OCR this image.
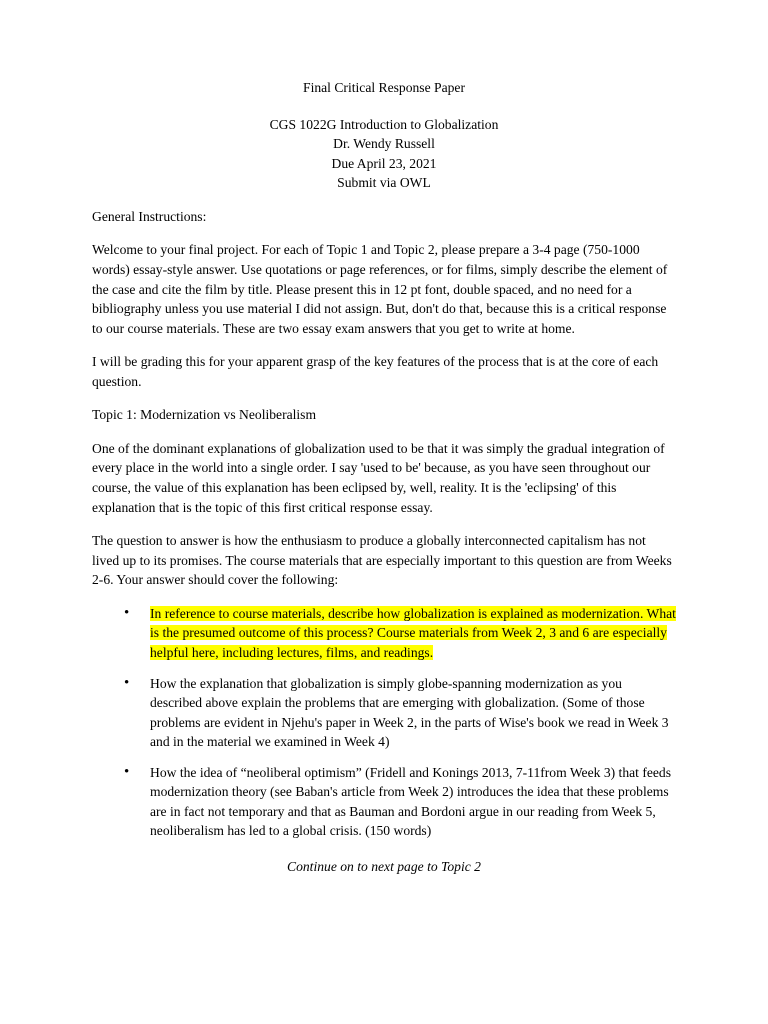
Final Critical Response Paper
CGS 1022G Introduction to Globalization
Dr. Wendy Russell
Due April 23, 2021
Submit via OWL

General Instructions:

Welcome to your final project. For each of Topic 1 and Topic 2, please prepare a 3-4 page (750-1000 words) essay-style answer. Use quotations or page references, or for films, simply describe the element of the case and cite the film by title. Please present this in 12 pt font, double spaced, and no need for a bibliography unless you use material I did not assign. But, don't do that, because this is a critical response to our course materials. These are two essay exam answers that you get to write at home.

I will be grading this for your apparent grasp of the key features of the process that is at the core of each question.

Topic 1: Modernization vs Neoliberalism

One of the dominant explanations of globalization used to be that it was simply the gradual integration of every place in the world into a single order. I say 'used to be' because, as you have seen throughout our course, the value of this explanation has been eclipsed by, well, reality. It is the 'eclipsing' of this explanation that is the topic of this first critical response essay.

The question to answer is how the enthusiasm to produce a globally interconnected capitalism has not lived up to its promises. The course materials that are especially important to this question are from Weeks 2-6. Your answer should cover the following:

• In reference to course materials, describe how globalization is explained as modernization. What is the presumed outcome of this process? Course materials from Week 2, 3 and 6 are especially helpful here, including lectures, films, and readings.
• How the explanation that globalization is simply globe-spanning modernization as you described above explain the problems that are emerging with globalization. (Some of those problems are evident in Njehu's paper in Week 2, in the parts of Wise's book we read in Week 3 and in the material we examined in Week 4)
• How the idea of “neoliberal optimism” (Fridell and Konings 2013, 7-11from Week 3) that feeds modernization theory (see Baban's article from Week 2) introduces the idea that these problems are in fact not temporary and that as Bauman and Bordoni argue in our reading from Week 5, neoliberalism has led to a global crisis. (150 words)
Continue on to next page to Topic 2
